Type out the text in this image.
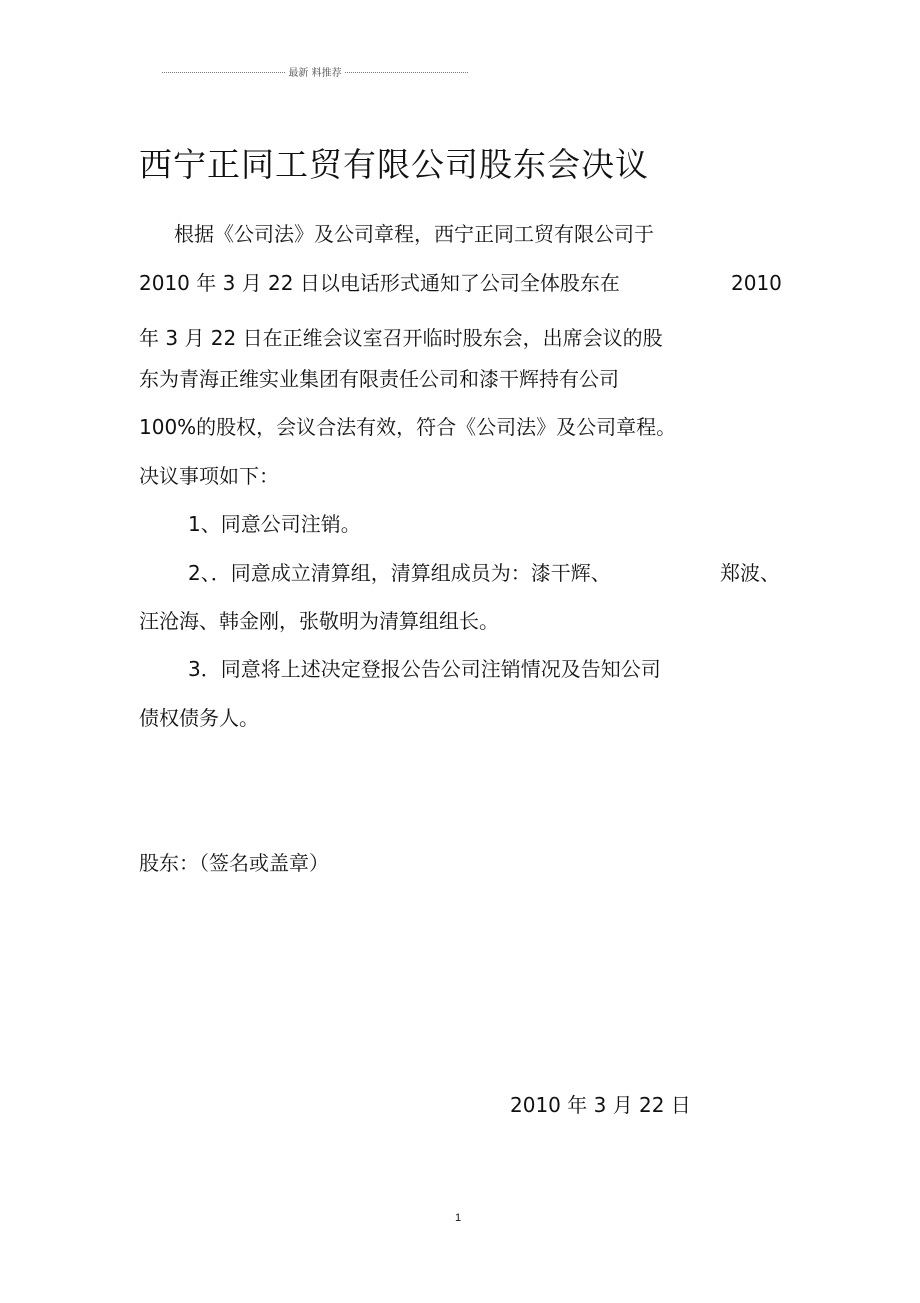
最新 料推荐
西宁正同工贸有限公司股东会决议
根据《公司法》及公司章程，西宁正同工贸有限公司于
2010 年 3 月 22 日以电话形式通知了公司全体股东在	2010
年 3 月 22 日在正维会议室召开临时股东会，出席会议的股
东为青海正维实业集团有限责任公司和漆干辉持有公司
100%的股权，会议合法有效，符合《公司法》及公司章程。
决议事项如下：
1、同意公司注销。
2、．同意成立清算组，清算组成员为：漆干辉、	郑波、
汪沧海、韩金刚，张敬明为清算组组长。
3．同意将上述决定登报公告公司注销情况及告知公司
债权债务人。
股东：（签名或盖章）
2010 年 3 月 22 日
1
